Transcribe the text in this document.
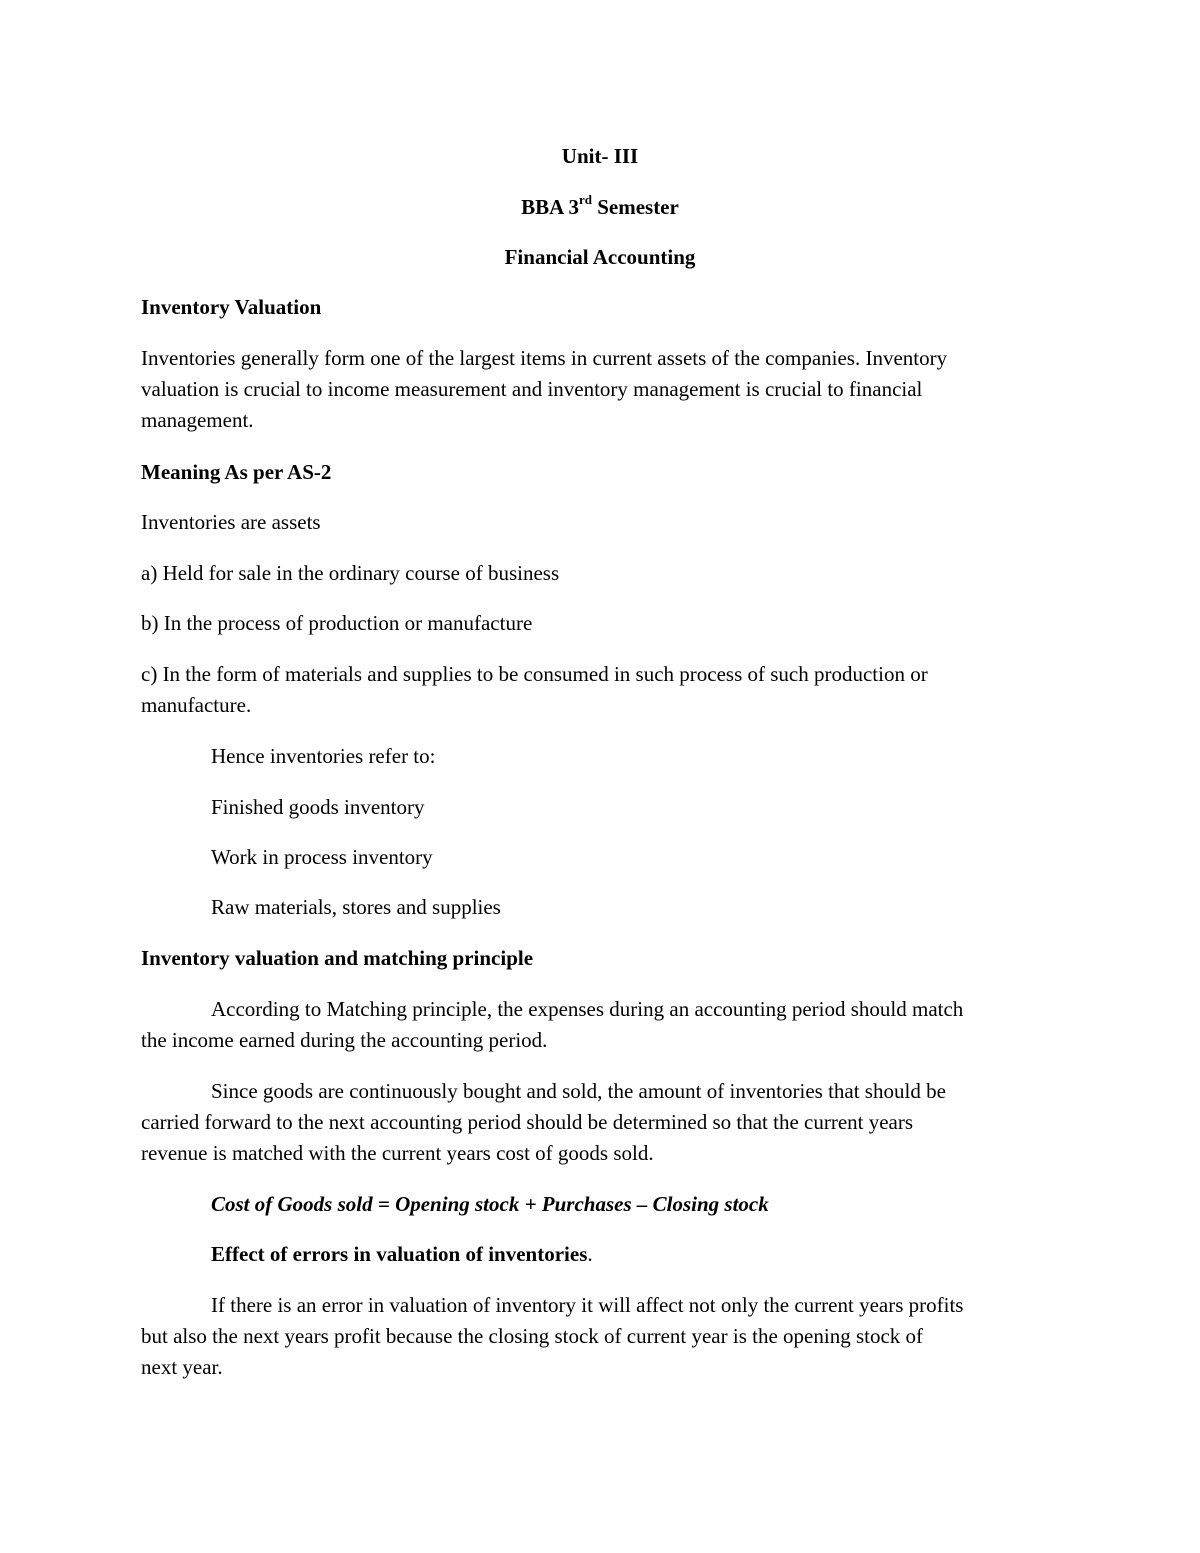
Unit- III

BBA 3rd Semester

Financial Accounting

Inventory Valuation

Inventories generally form one of the largest items in current assets of the companies. Inventory

valuation is crucial to income measurement and inventory management is crucial to financial

management.

Meaning As per AS-2

Inventories are assets

a) Held for sale in the ordinary course of business

b) In the process of production or manufacture

c) In the form of materials and supplies to be consumed in such process of such production or

manufacture.

Hence inventories refer to:

Finished goods inventory

Work in process inventory

Raw materials, stores and supplies

Inventory valuation and matching principle

According to Matching principle, the expenses during an accounting period should match

the income earned during the accounting period.

Since goods are continuously bought and sold, the amount of inventories that should be

carried forward to the next accounting period should be determined so that the current years

revenue is matched with the current years cost of goods sold.

Cost of Goods sold = Opening stock + Purchases – Closing stock

Effect of errors in valuation of inventories.

If there is an error in valuation of inventory it will affect not only the current years profits

but also the next years profit because the closing stock of current year is the opening stock of

next year.
